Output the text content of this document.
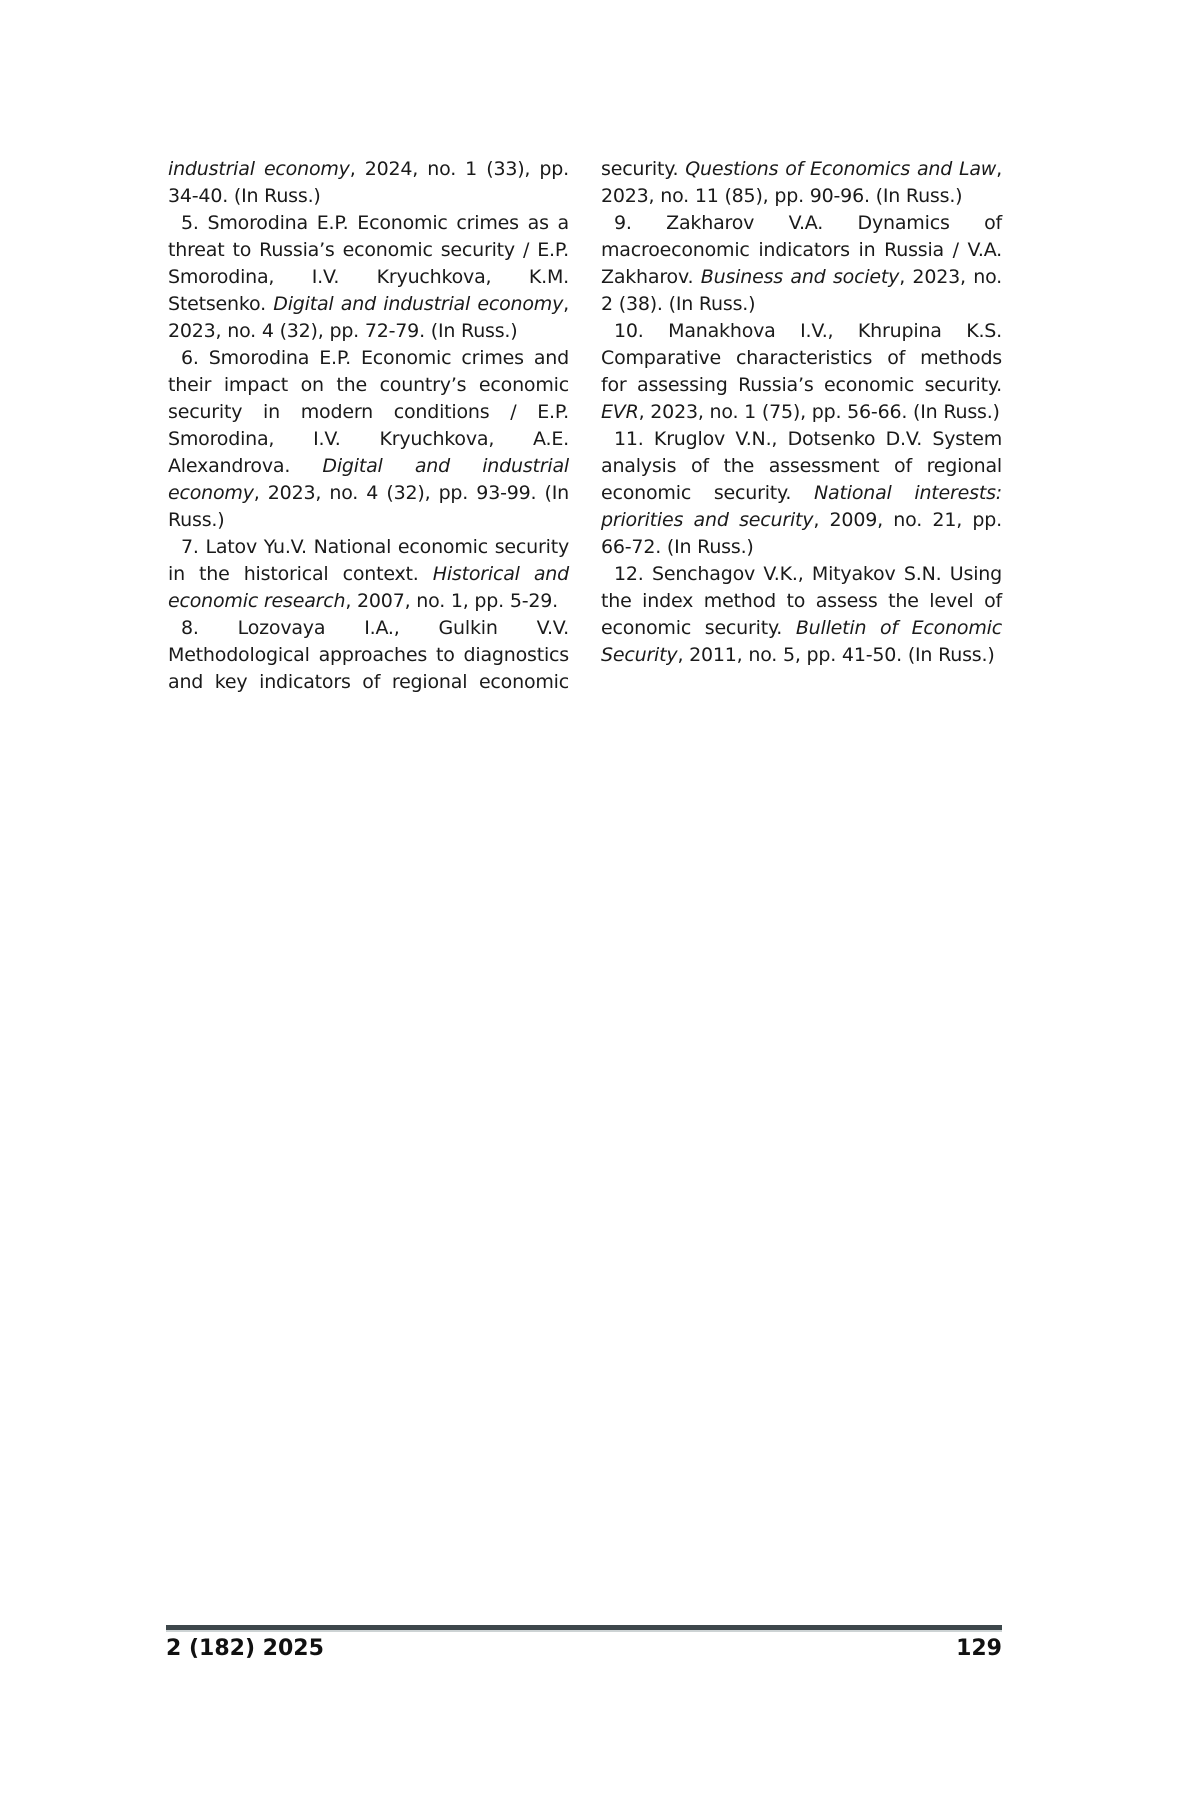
industrial economy, 2024, no. 1 (33), pp. 34-40. (In Russ.)

5. Smorodina E.P. Economic crimes as a threat to Russia’s economic security / E.P. Smorodina, I.V. Kryuchkova, K.M. Stetsenko. Digital and industrial economy, 2023, no. 4 (32), pp. 72-79. (In Russ.)

6. Smorodina E.P. Economic crimes and their impact on the country’s economic security in modern conditions / E.P. Smorodina, I.V. Kryuchkova, A.E. Alexandrova. Digital and industrial economy, 2023, no. 4 (32), pp. 93-99. (In Russ.)

7. Latov Yu.V. National economic security in the historical context. Historical and economic research, 2007, no. 1, pp. 5-29.

8. Lozovaya I.A., Gulkin V.V. Methodological approaches to diagnostics and key indicators of regional economic security. Questions of Economics and Law, 2023, no. 11 (85), pp. 90-96. (In Russ.)

9. Zakharov V.A. Dynamics of macroeconomic indicators in Russia / V.A. Zakharov. Business and society, 2023, no. 2 (38). (In Russ.)

10. Manakhova I.V., Khrupina K.S. Comparative characteristics of methods for assessing Russia’s economic security. EVR, 2023, no. 1 (75), pp. 56-66. (In Russ.)

11. Kruglov V.N., Dotsenko D.V. System analysis of the assessment of regional economic security. National interests: priorities and security, 2009, no. 21, pp. 66-72. (In Russ.)

12. Senchagov V.K., Mityakov S.N. Using the index method to assess the level of economic security. Bulletin of Economic Security, 2011, no. 5, pp. 41-50. (In Russ.)

2 (182) 2025	129
